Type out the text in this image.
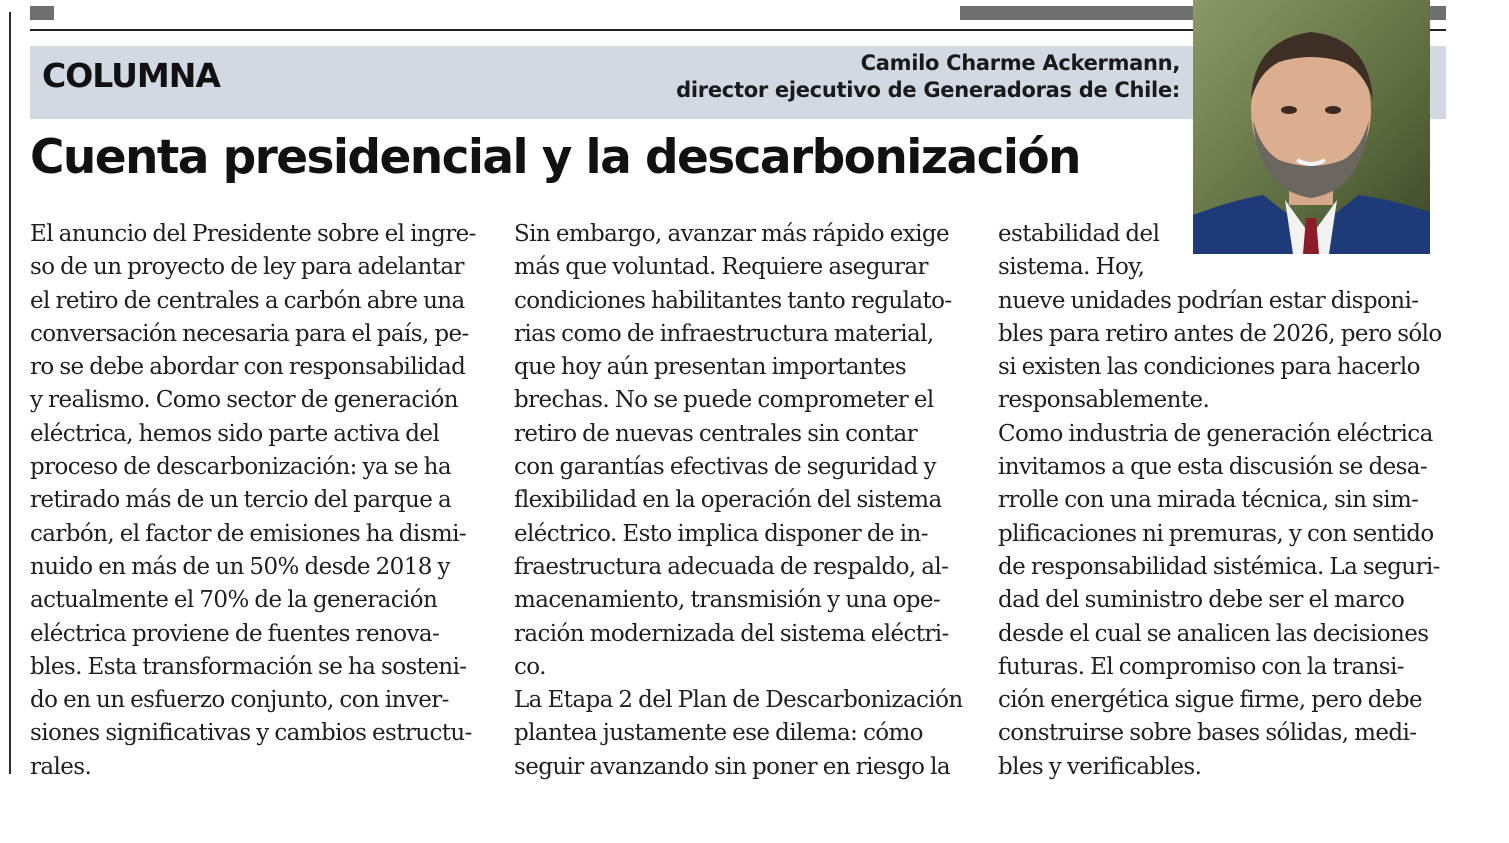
COLUMNA	Camilo Charme Ackermann,
director ejecutivo de Generadoras de Chile:
Cuenta presidencial y la descarbonización
El anuncio del Presidente sobre el ingre-
so de un proyecto de ley para adelantar
el retiro de centrales a carbón abre una
conversación necesaria para el país, pe-
ro se debe abordar con responsabilidad
y realismo. Como sector de generación
eléctrica, hemos sido parte activa del
proceso de descarbonización: ya se ha
retirado más de un tercio del parque a
carbón, el factor de emisiones ha dismi-
nuido en más de un 50% desde 2018 y
actualmente el 70% de la generación
eléctrica proviene de fuentes renova-
bles. Esta transformación se ha sosteni-
do en un esfuerzo conjunto, con inver-
siones significativas y cambios estructu-
rales.
Sin embargo, avanzar más rápido exige
más que voluntad. Requiere asegurar
condiciones habilitantes tanto regulato-
rias como de infraestructura material,
que hoy aún presentan importantes
brechas. No se puede comprometer el
retiro de nuevas centrales sin contar
con garantías efectivas de seguridad y
flexibilidad en la operación del sistema
eléctrico. Esto implica disponer de in-
fraestructura adecuada de respaldo, al-
macenamiento, transmisión y una ope-
ración modernizada del sistema eléctri-
co.
La Etapa 2 del Plan de Descarbonización
plantea justamente ese dilema: cómo
seguir avanzando sin poner en riesgo la
estabilidad del
sistema. Hoy,
nueve unidades podrían estar disponi-
bles para retiro antes de 2026, pero sólo
si existen las condiciones para hacerlo
responsablemente.
Como industria de generación eléctrica
invitamos a que esta discusión se desa-
rrolle con una mirada técnica, sin sim-
plificaciones ni premuras, y con sentido
de responsabilidad sistémica. La seguri-
dad del suministro debe ser el marco
desde el cual se analicen las decisiones
futuras. El compromiso con la transi-
ción energética sigue firme, pero debe
construirse sobre bases sólidas, medi-
bles y verificables.
